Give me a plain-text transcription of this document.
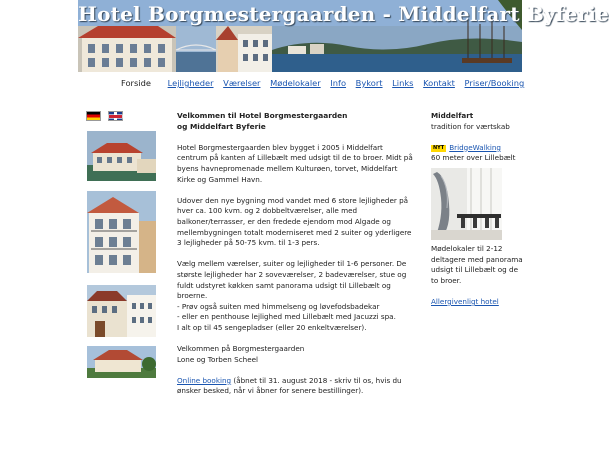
Hotel Borgmestergaarden - Middelfart Byferie
Forside Lejligheder Værelser Mødelokaler Info Bykort Links Kontakt Priser/Booking

Velkommen til Hotel Borgmestergaarden
og Middelfart Byferie

Hotel Borgmestergaarden blev bygget i 2005 i Middelfart centrum på kanten af Lillebælt med udsigt til de to broer. Midt på byens havnepromenade mellem Kulturøen, torvet, Middelfart Kirke og Gammel Havn.

Udover den nye bygning mod vandet med 6 store lejligheder på hver ca. 100 kvm. og 2 dobbeltværelser, alle med balkoner/terrasser, er den fredede ejendom mod Algade og mellembygningen totalt moderniseret med 2 suiter og yderligere 3 lejligheder på 50-75 kvm. til 1-3 pers.

Vælg mellem værelser, suiter og lejligheder til 1-6 personer. De største lejligheder har 2 soveværelser, 2 badeværelser, stue og fuldt udstyret køkken samt panorama udsigt til Lillebælt og broerne.
- Prøv også suiten med himmelseng og løvefodsbadekar
- eller en penthouse lejlighed med Lillebælt med Jacuzzi spa.
I alt op til 45 sengepladser (eller 20 enkeltværelser).

Velkommen på Borgmestergaarden
Lone og Torben Scheel

Online booking (åbnet til 31. august 2018 - skriv til os, hvis du ønsker besked, når vi åbner for senere bestillinger).

Middelfart
tradition for værtskab
NYT BridgeWalking
60 meter over Lillebælt
Mødelokaler til 2-12 deltagere med panorama udsigt til Lillebælt og de to broer.
Allergivenligt hotel
